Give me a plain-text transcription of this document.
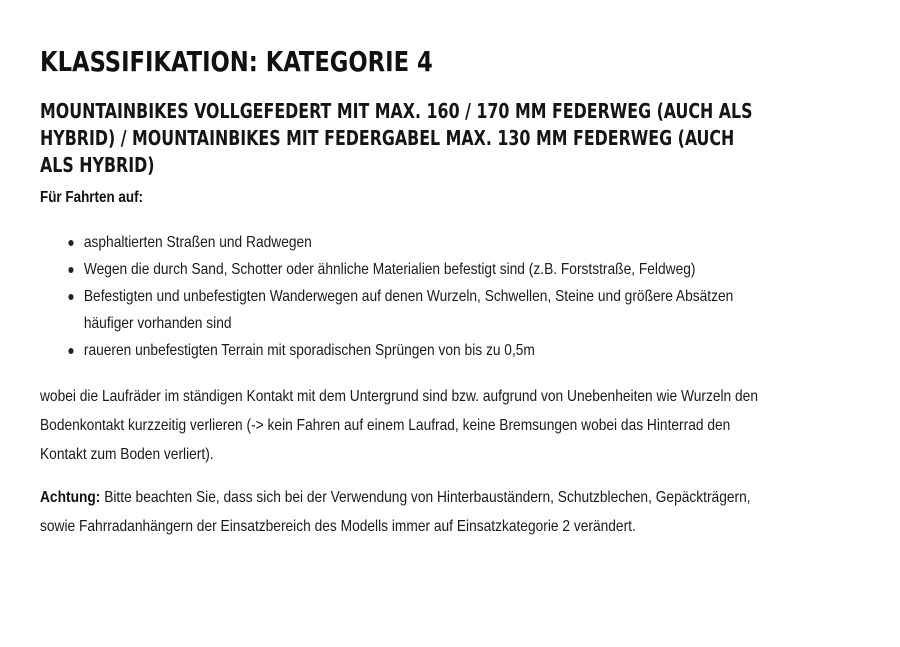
KLASSIFIKATION: KATEGORIE 4
MOUNTAINBIKES VOLLGEFEDERT MIT MAX. 160 / 170 MM FEDERWEG (AUCH ALS HYBRID) / MOUNTAINBIKES MIT FEDERGABEL MAX. 130 MM FEDERWEG (AUCH ALS HYBRID)

Für Fahrten auf:

asphaltierten Straßen und Radwegen
Wegen die durch Sand, Schotter oder ähnliche Materialien befestigt sind (z.B. Forststraße, Feldweg)
Befestigten und unbefestigten Wanderwegen auf denen Wurzeln, Schwellen, Steine und größere Absätzen häufiger vorhanden sind
raueren unbefestigten Terrain mit sporadischen Sprüngen von bis zu 0,5m

wobei die Laufräder im ständigen Kontakt mit dem Untergrund sind bzw. aufgrund von Unebenheiten wie Wurzeln den Bodenkontakt kurzzeitig verlieren (-> kein Fahren auf einem Laufrad, keine Bremsungen wobei das Hinterrad den Kontakt zum Boden verliert).

Achtung: Bitte beachten Sie, dass sich bei der Verwendung von Hinterbauständern, Schutzblechen, Gepäckträgern, sowie Fahrradanhängern der Einsatzbereich des Modells immer auf Einsatzkategorie 2 verändert.
